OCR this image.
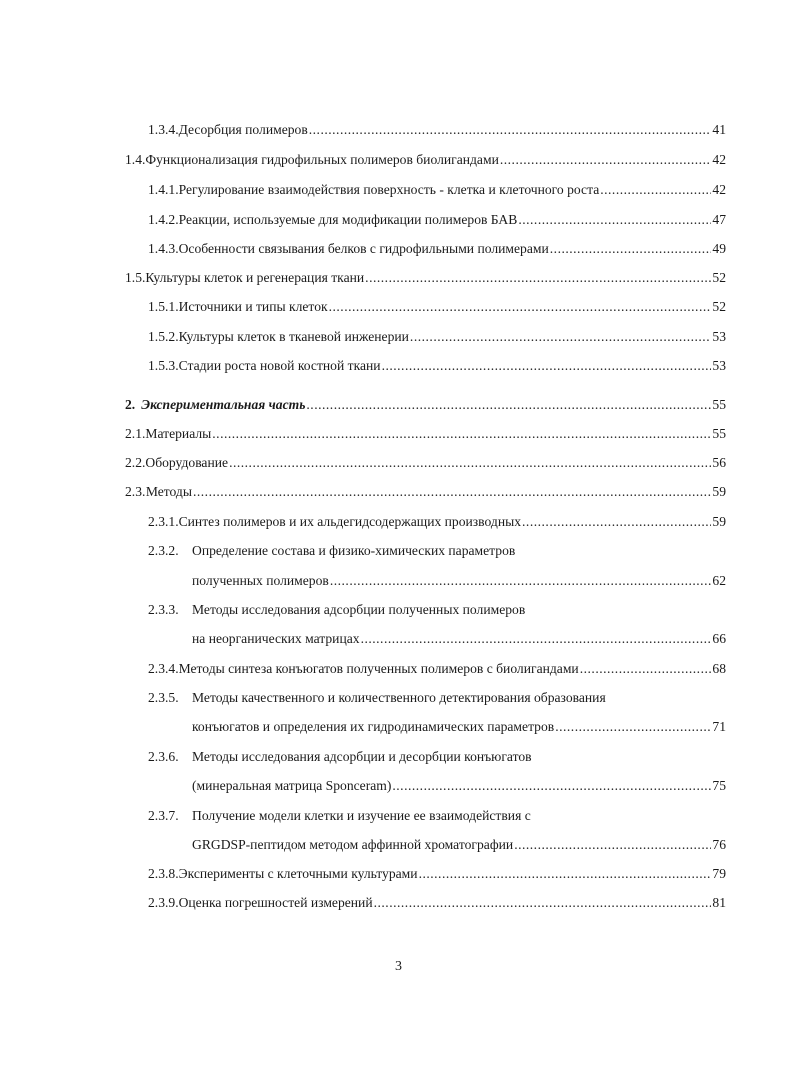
1.3.4. Десорбция полимеров .....	41
1.4. Функционализация гидрофильных полимеров биолигандами .....	42
1.4.1. Регулирование взаимодействия поверхность - клетка и клеточного роста .....	42
1.4.2. Реакции, используемые для модификации полимеров БАВ .....	47
1.4.3. Особенности связывания белков с гидрофильными полимерами .....	49
1.5. Культуры клеток и регенерация ткани .....	52
1.5.1. Источники и типы клеток .....	52
1.5.2. Культуры клеток в тканевой инженерии .....	53
1.5.3. Стадии роста новой костной ткани .....	53
2. Экспериментальная часть .....	55
2.1. Материалы .....	55
2.2. Оборудование .....	56
2.3. Методы .....	59
2.3.1. Синтез полимеров и их альдегидсодержащих производных .....	59
2.3.2. Определение состава и физико-химических параметров
полученных полимеров .....	62
2.3.3. Методы исследования адсорбции полученных полимеров
на неорганических матрицах .....	66
2.3.4. Методы синтеза конъюгатов полученных полимеров с биолигандами .....	68
2.3.5. Методы качественного и количественного детектирования образования
конъюгатов и определения их гидродинамических параметров .....	71
2.3.6. Методы исследования адсорбции и десорбции конъюгатов
(минеральная матрица Sponceram) .....	75
2.3.7. Получение модели клетки и изучение ее взаимодействия с
GRGDSP-пептидом методом аффинной хроматографии .....	76
2.3.8. Эксперименты с клеточными культурами .....	79
2.3.9. Оценка погрешностей измерений .....	81
3
